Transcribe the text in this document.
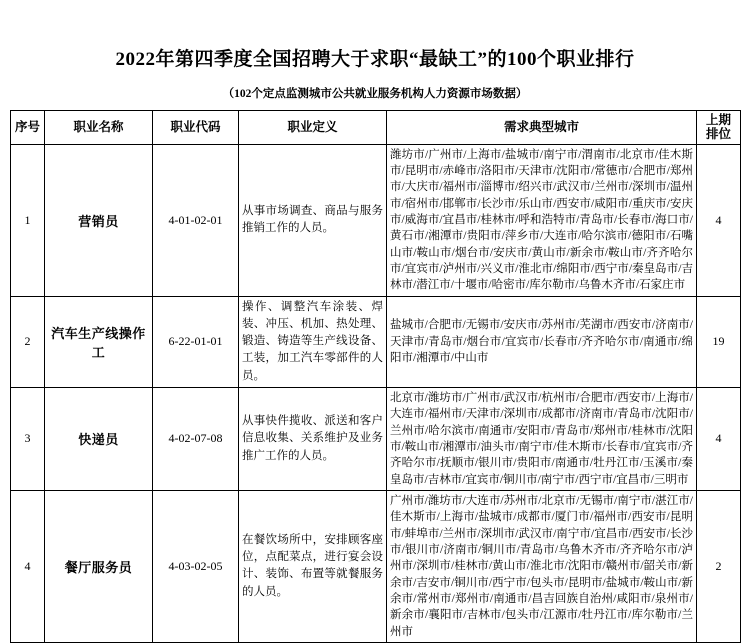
2022年第四季度全国招聘大于求职“最缺工”的100个职业排行
（102个定点监测城市公共就业服务机构人力资源市场数据）
序号	职业名称	职业代码	职业定义	需求典型城市	上期
排位

1	营销员	4-01-02-01	从事市场调查、商品与服务推销工作的人员。	潍坊市/广州市/上海市/盐城市/南宁市/渭南市/北京市/佳木斯市/昆明市/赤峰市/洛阳市/天津市/沈阳市/常德市/合肥市/郑州市/大庆市/福州市/淄博市/绍兴市/武汉市/兰州市/深圳市/温州市/宿州市/邯郸市/长沙市/乐山市/西安市/咸阳市/重庆市/安庆市/威海市/宜昌市/桂林市/呼和浩特市/青岛市/长春市/海口市/黄石市/湘潭市/贵阳市/萍乡市/大连市/哈尔滨市/德阳市/石嘴山市/鞍山市/烟台市/安庆市/黄山市/新余市/鞍山市/齐齐哈尔市/宜宾市/泸州市/兴义市/淮北市/绵阳市/西宁市/秦皇岛市/吉林市/潜江市/十堰市/哈密市/库尔勒市/乌鲁木齐市/石家庄市	4
2	汽车生产线操作工	6-22-01-01	操作、调整汽车涂装、焊装、冲压、机加、热处理、锻造、铸造等生产线设备、工装，加工汽车零部件的人员。	盐城市/合肥市/无锡市/安庆市/苏州市/芜湖市/西安市/济南市/天津市/青岛市/烟台市/宜宾市/长春市/齐齐哈尔市/南通市/绵阳市/湘潭市/中山市	19
3	快递员	4-02-07-08	从事快件揽收、派送和客户信息收集、关系维护及业务推广工作的人员。	北京市/潍坊市/广州市/武汉市/杭州市/合肥市/西安市/上海市/大连市/福州市/天津市/深圳市/成都市/济南市/青岛市/沈阳市/兰州市/哈尔滨市/南通市/安阳市/青岛市/郑州市/桂林市/沈阳市/鞍山市/湘潭市/油头市/南宁市/佳木斯市/长春市/宜宾市/齐齐哈尔市/抚顺市/银川市/贵阳市/南通市/牡丹江市/玉溪市/秦皇岛市/吉林市/宜宾市/铜川市/南宁市/西宁市/宜昌市/三明市	4
4	餐厅服务员	4-03-02-05	在餐饮场所中，安排顾客座位，点配菜点，进行宴会设计、装饰、布置等就餐服务的人员。	广州市/潍坊市/大连市/苏州市/北京市/无锡市/南宁市/湛江市/佳木斯市/上海市/盐城市/成都市/厦门市/福州市/西安市/昆明市/蚌埠市/兰州市/深圳市/武汉市/南宁市/宜昌市/西安市/长沙市/银川市/济南市/铜川市/青岛市/乌鲁木齐市/齐齐哈尔市/泸州市/深圳市/桂林市/黄山市/淮北市/沈阳市/赣州市/韶关市/新余市/吉安市/铜川市/西宁市/包头市/昆明市/盐城市/鞍山市/新余市/常州市/郑州市/南通市/昌吉回族自治州/咸阳市/泉州市/新余市/襄阳市/吉林市/包头市/江源市/牡丹江市/库尔勒市/兰州市	2
